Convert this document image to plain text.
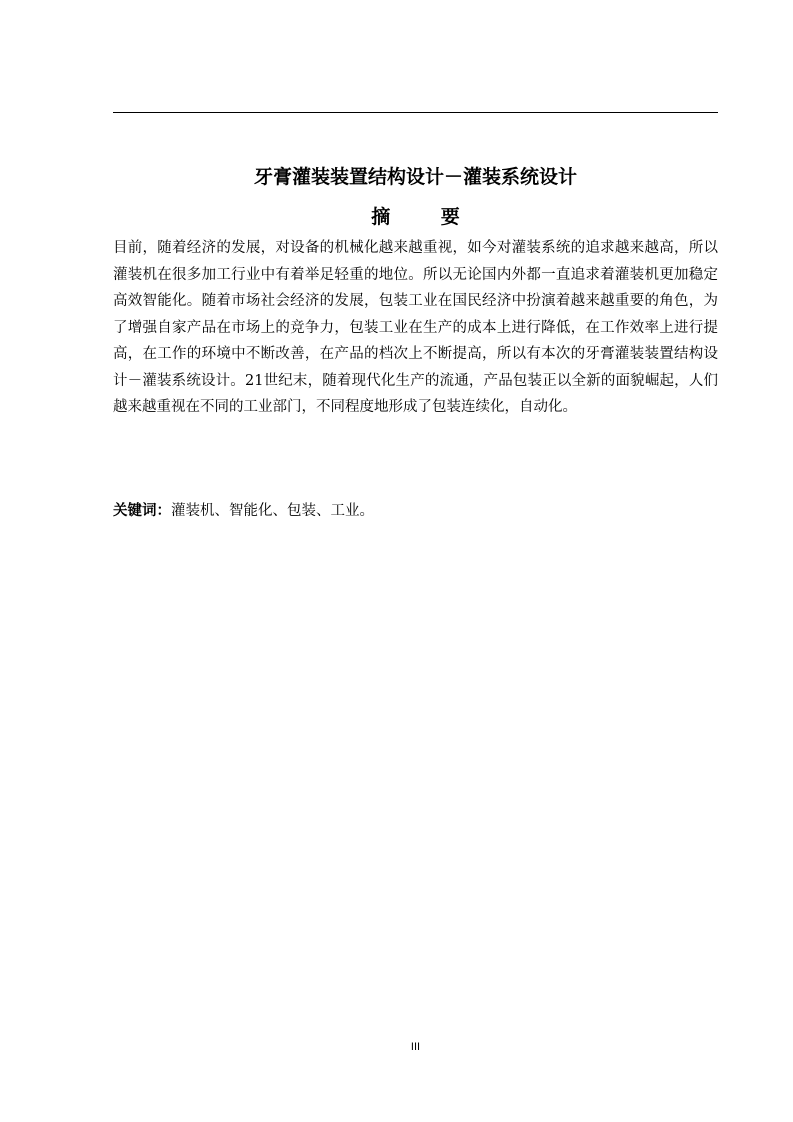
牙膏灌装装置结构设计－灌装系统设计
摘 要

目前，随着经济的发展，对设备的机械化越来越重视，如今对灌装系统的追求越来越高，所以灌装机在很多加工行业中有着举足轻重的地位。所以无论国内外都一直追求着灌装机更加稳定高效智能化。随着市场社会经济的发展，包装工业在国民经济中扮演着越来越重要的角色，为了增强自家产品在市场上的竞争力，包装工业在生产的成本上进行降低，在工作效率上进行提高，在工作的环境中不断改善，在产品的档次上不断提高，所以有本次的牙膏灌装装置结构设计－灌装系统设计。21世纪末，随着现代化生产的流通，产品包装正以全新的面貌崛起，人们越来越重视在不同的工业部门，不同程度地形成了包装连续化，自动化。

关键词：灌装机、智能化、包装、工业。

III
